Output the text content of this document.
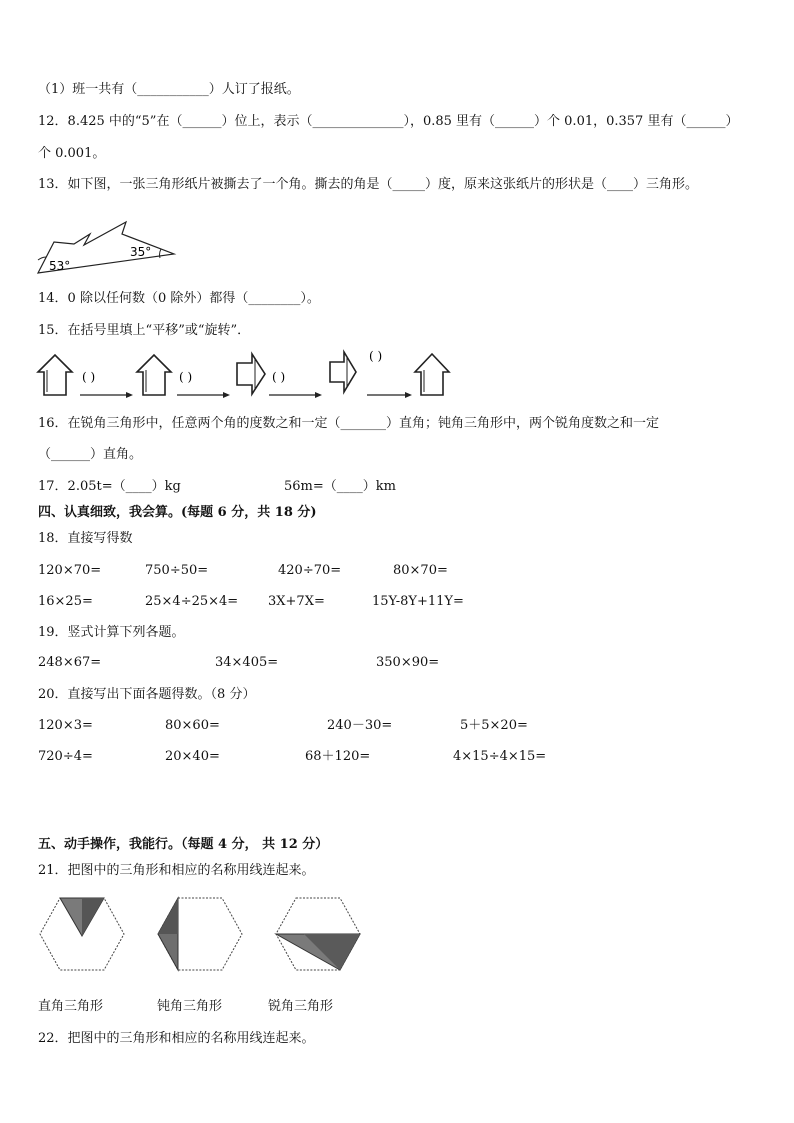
（1）班一共有（___________）人订了报纸。
12．8.425 中的“5”在（______）位上，表示（______________），0.85 里有（______）个 0.01，0.357 里有（______）
个 0.001。
13．如下图，一张三角形纸片被撕去了一个角。撕去的角是（_____）度，原来这张纸片的形状是（____）三角形。
53°
35°
14．0 除以任何数（0 除外）都得（________）。
15．在括号里填上“平移”或“旋转”．
( )	( )	( )
( )
16．在锐角三角形中，任意两个角的度数之和一定（_______）直角；钝角三角形中，两个锐角度数之和一定
（______）直角。
17．2.05t=（____）kg	56m=（____）km
四、认真细致，我会算。(每题 6 分，共 18 分)
18．直接写得数
120×70=	750÷50=	420÷70=	80×70=
16×25=	25×4÷25×4= 3X+7X=	15Y-8Y+11Y=
19．竖式计算下列各题。
248×67=	34×405=	350×90=
20．直接写出下面各题得数。（8 分）
120×3=	80×60=	240－30=	5＋5×20=
720÷4=	20×40=	68＋120=	4×15÷4×15=
五、动手操作，我能行。（每题 4 分， 共 12 分）
21．把图中的三角形和相应的名称用线连起来。
直角三角形	钝角三角形	锐角三角形
22．把图中的三角形和相应的名称用线连起来。
